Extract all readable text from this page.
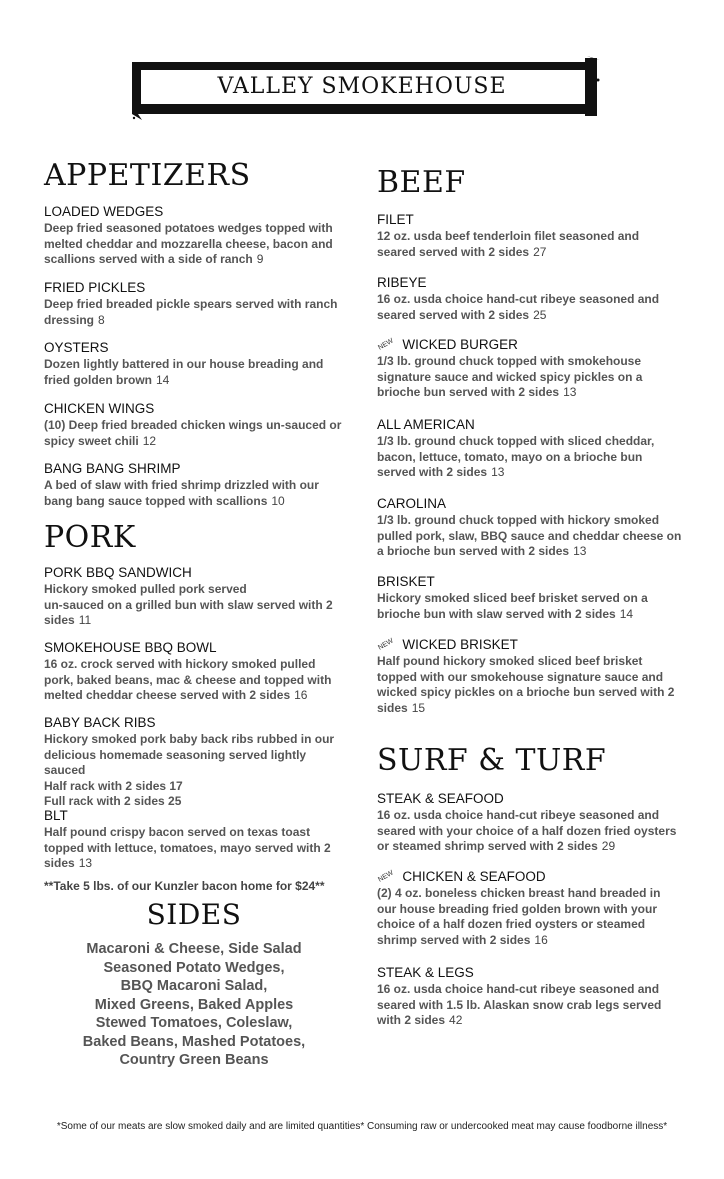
VALLEY SMOKEHOUSE
APPETIZERS
LOADED WEDGES
Deep fried seasoned potatoes wedges topped with
melted cheddar and mozzarella cheese, bacon and
scallions served with a side of ranch 9
FRIED PICKLES
Deep fried breaded pickle spears served with ranch
dressing 8
OYSTERS
Dozen lightly battered in our house breading and
fried golden brown 14
CHICKEN WINGS
(10) Deep fried breaded chicken wings un-sauced or
spicy sweet chili 12
BANG BANG SHRIMP
A bed of slaw with fried shrimp drizzled with our
bang bang sauce topped with scallions 10
PORK
PORK BBQ SANDWICH
Hickory smoked pulled pork served
un-sauced on a grilled bun with slaw served with 2
sides 11
SMOKEHOUSE BBQ BOWL
16 oz. crock served with hickory smoked pulled
pork, baked beans, mac & cheese and topped with
melted cheddar cheese served with 2 sides 16
BABY BACK RIBS
Hickory smoked pork baby back ribs rubbed in our
delicious homemade seasoning served lightly sauced
Half rack with 2 sides 17
Full rack with 2 sides 25
BLT
Half pound crispy bacon served on texas toast
topped with lettuce, tomatoes, mayo served with 2
sides 13
**Take 5 lbs. of our Kunzler bacon home for $24**
SIDES
Macaroni & Cheese, Side Salad
Seasoned Potato Wedges,
BBQ Macaroni Salad,
Mixed Greens, Baked Apples
Stewed Tomatoes, Coleslaw,
Baked Beans, Mashed Potatoes,
Country Green Beans
BEEF
FILET
12 oz. usda beef tenderloin filet seasoned and
seared served with 2 sides 27
RIBEYE
16 oz. usda choice hand-cut ribeye seasoned and
seared served with 2 sides 25
NEW WICKED BURGER
1/3 lb. ground chuck topped with smokehouse
signature sauce and wicked spicy pickles on a
brioche bun served with 2 sides 13
ALL AMERICAN
1/3 lb. ground chuck topped with sliced cheddar,
bacon, lettuce, tomato, mayo on a brioche bun
served with 2 sides 13
CAROLINA
1/3 lb. ground chuck topped with hickory smoked
pulled pork, slaw, BBQ sauce and cheddar cheese on
a brioche bun served with 2 sides 13
BRISKET
Hickory smoked sliced beef brisket served on a
brioche bun with slaw served with 2 sides 14
NEW WICKED BRISKET
Half pound hickory smoked sliced beef brisket
topped with our smokehouse signature sauce and
wicked spicy pickles on a brioche bun served with 2
sides 15
SURF & TURF
STEAK & SEAFOOD
16 oz. usda choice hand-cut ribeye seasoned and
seared with your choice of a half dozen fried oysters
or steamed shrimp served with 2 sides 29
NEW CHICKEN & SEAFOOD
(2) 4 oz. boneless chicken breast hand breaded in
our house breading fried golden brown with your
choice of a half dozen fried oysters or steamed
shrimp served with 2 sides 16
STEAK & LEGS
16 oz. usda choice hand-cut ribeye seasoned and
seared with 1.5 lb. Alaskan snow crab legs served
with 2 sides 42
*Some of our meats are slow smoked daily and are limited quantities* Consuming raw or undercooked meat may cause foodborne illness*
